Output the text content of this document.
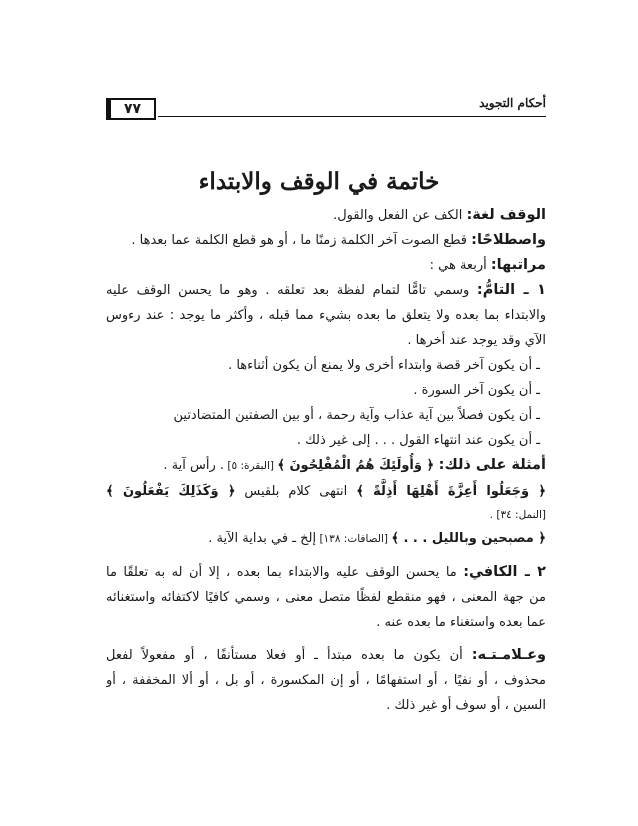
أحكام التجويد
٧٧
خاتمة في الوقف والابتداء
الوقف لغة: الكف عن الفعل والقول.
واصطلاحًا: قطع الصوت آخر الكلمة زمنًا ما ، أو هو قطع الكلمة عما بعدها .
مراتبها: أربعة هي :
١ ـ التامُّ: وسمي تامًّا لتمام لفظة بعد تعلقه . وهو ما يحسن الوقف عليه
والابتداء بما بعده ولا يتعلق ما بعده بشيء مما قبله ، وأكثر ما يوجد : عند رءوس
الآي وقد يوجد عند أخرها .
ـ أن يكون آخر قصة وابتداء أخرى ولا يمنع أن يكون أثناءها .
ـ أن يكون آخر السورة .
ـ أن يكون فصلاً بين آية عذاب وآية رحمة ، أو بين الصفتين المتضادتين
ـ أن يكون عند انتهاء القول . . . إلى غير ذلك .
أمثلة على ذلك: ﴿ وَأُولَئِكَ هُمُ الْمُفْلِحُونَ ﴾ [البقرة: ٥] . رأس آية .
﴿ وَجَعَلُوا أَعِزَّةَ أَهْلِهَا أَذِلَّةً ﴾ انتهى كلام بلقيس ﴿ وَكَذَلِكَ يَفْعَلُونَ ﴾
[النمل: ٣٤] .
﴿ مصبحين وبالليل . . . ﴾ [الصافات: ١٣٨] إلخ ـ في بداية الآية .
٢ ـ الكافي: ما يحسن الوقف عليه والابتداء بما بعده ، إلا أن له به تعلقًا ما
من جهة المعنى ، فهو منقطع لفظًا متصل معنى ، وسمي كافيًا لاكتفائه واستغنائه
عما بعده واستغناء ما بعده عنه .
وعـلامـتـه: أن يكون ما بعده مبتدأ ـ أو فعلا مستأنفًا ، أو مفعولاً لفعل
محذوف ، أو نفيًا ، أو استفهامًا ، أو إن المكسورة ، أو بل ، أو ألا المخففة ، أو
السين ، أو سوف أو غير ذلك .
